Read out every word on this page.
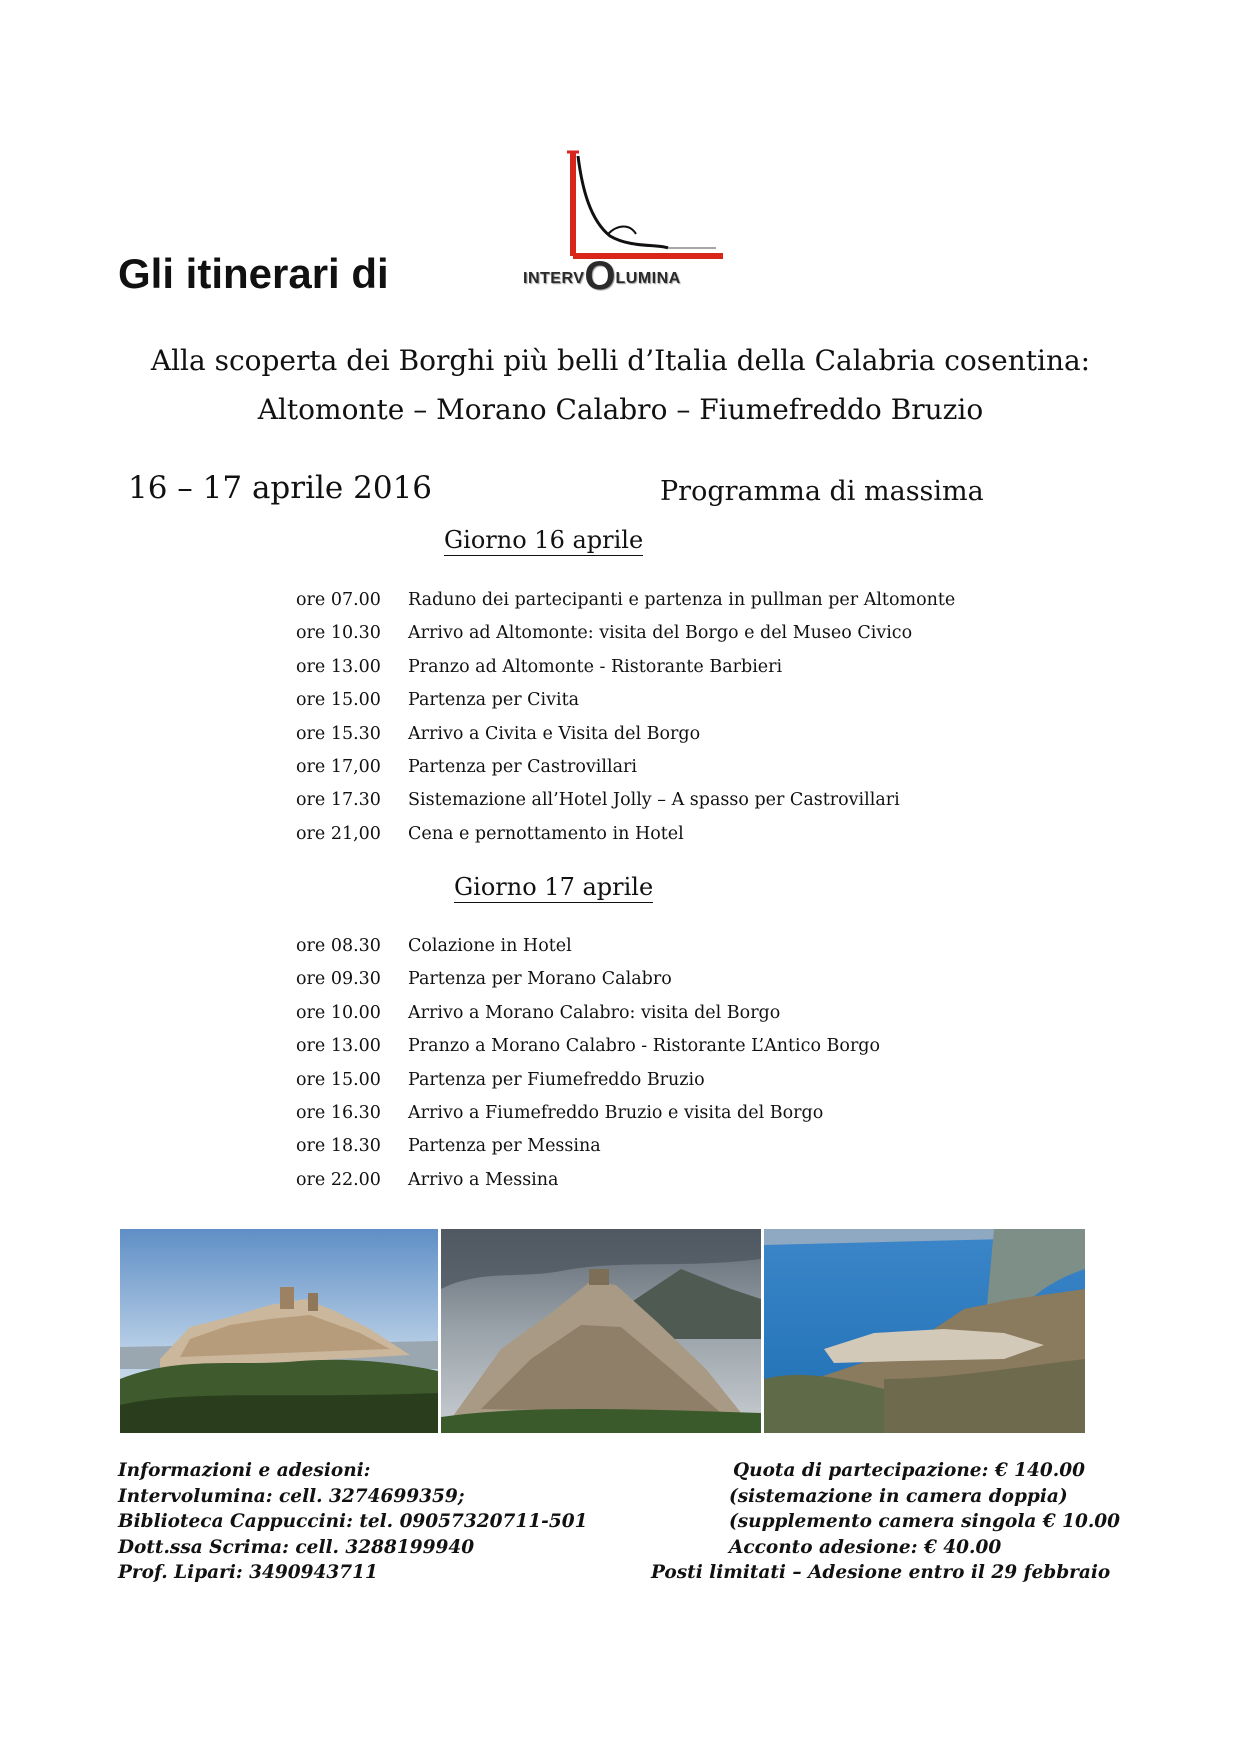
Gli itinerari di	INTERVOLUMINA
Alla scoperta dei Borghi più belli d’Italia della Calabria cosentina:
Altomonte – Morano Calabro – Fiumefreddo Bruzio
16 – 17 aprile 2016	Programma di massima
Giorno 16 aprile
ore 07.00	Raduno dei partecipanti e partenza in pullman per Altomonte
ore 10.30	Arrivo ad Altomonte: visita del Borgo e del Museo Civico
ore 13.00	Pranzo ad Altomonte - Ristorante Barbieri
ore 15.00	Partenza per Civita
ore 15.30	Arrivo a Civita e Visita del Borgo
ore 17,00	Partenza per Castrovillari
ore 17.30	Sistemazione all’Hotel Jolly – A spasso per Castrovillari
ore 21,00	Cena e pernottamento in Hotel
Giorno 17 aprile
ore 08.30	Colazione in Hotel
ore 09.30	Partenza per Morano Calabro
ore 10.00	Arrivo a Morano Calabro: visita del Borgo
ore 13.00	Pranzo a Morano Calabro - Ristorante L’Antico Borgo
ore 15.00	Partenza per Fiumefreddo Bruzio
ore 16.30	Arrivo a Fiumefreddo Bruzio e visita del Borgo
ore 18.30	Partenza per Messina
ore 22.00	Arrivo a Messina
Informazioni e adesioni:
Intervolumina: cell. 3274699359;
Biblioteca Cappuccini: tel. 09057320711-501
Dott.ssa Scrima: cell. 3288199940
Prof. Lipari: 3490943711
Quota di partecipazione: € 140.00
(sistemazione in camera doppia)
(supplemento camera singola € 10.00
Acconto adesione: € 40.00
Posti limitati – Adesione entro il 29 febbraio
